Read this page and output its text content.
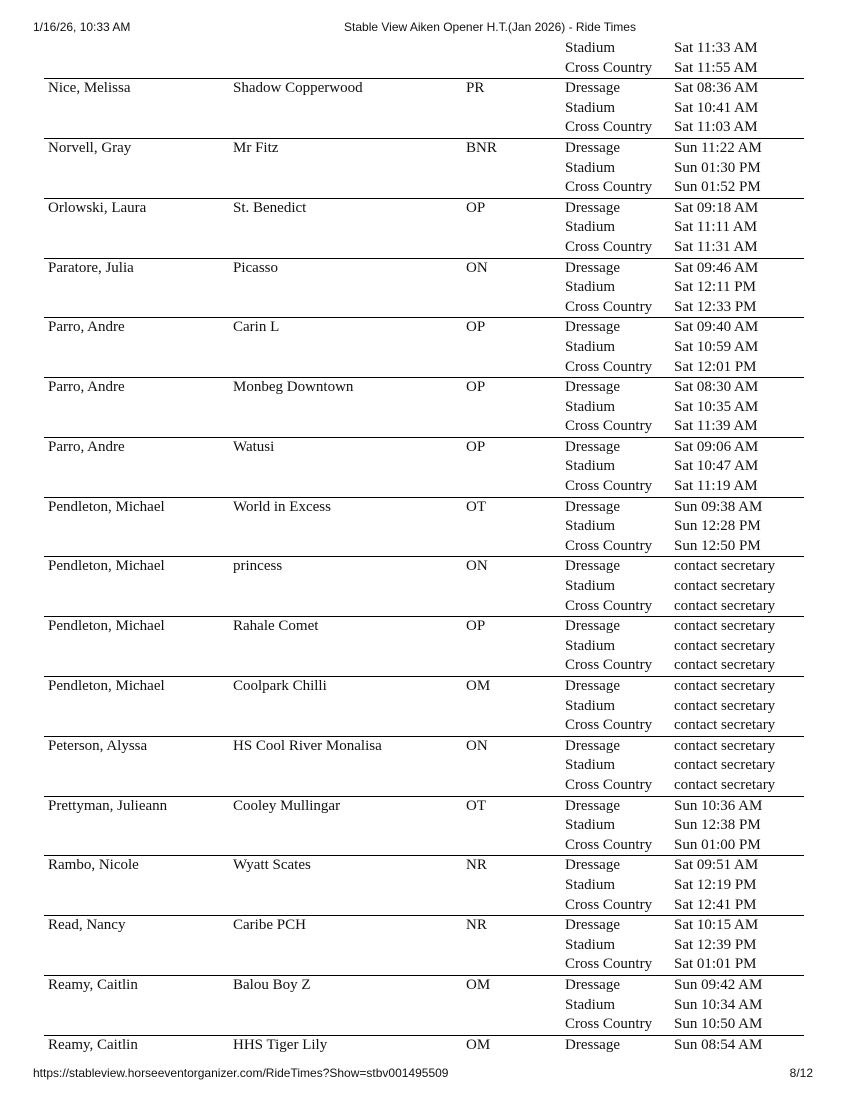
1/16/26, 10:33 AM	Stable View Aiken Opener H.T.(Jan 2026) - Ride Times
Stadium	Sat 11:33 AM
Cross Country	Sat 11:55 AM
Nice, Melissa	Shadow Copperwood	PR	Dressage	Sat 08:36 AM
Stadium	Sat 10:41 AM
Cross Country	Sat 11:03 AM
Norvell, Gray	Mr Fitz	BNR	Dressage	Sun 11:22 AM
Stadium	Sun 01:30 PM
Cross Country	Sun 01:52 PM
Orlowski, Laura	St. Benedict	OP	Dressage	Sat 09:18 AM
Stadium	Sat 11:11 AM
Cross Country	Sat 11:31 AM
Paratore, Julia	Picasso	ON	Dressage	Sat 09:46 AM
Stadium	Sat 12:11 PM
Cross Country	Sat 12:33 PM
Parro, Andre	Carin L	OP	Dressage	Sat 09:40 AM
Stadium	Sat 10:59 AM
Cross Country	Sat 12:01 PM
Parro, Andre	Monbeg Downtown	OP	Dressage	Sat 08:30 AM
Stadium	Sat 10:35 AM
Cross Country	Sat 11:39 AM
Parro, Andre	Watusi	OP	Dressage	Sat 09:06 AM
Stadium	Sat 10:47 AM
Cross Country	Sat 11:19 AM
Pendleton, Michael	World in Excess	OT	Dressage	Sun 09:38 AM
Stadium	Sun 12:28 PM
Cross Country	Sun 12:50 PM
Pendleton, Michael	princess	ON	Dressage	contact secretary
Stadium	contact secretary
Cross Country	contact secretary
Pendleton, Michael	Rahale Comet	OP	Dressage	contact secretary
Stadium	contact secretary
Cross Country	contact secretary
Pendleton, Michael	Coolpark Chilli	OM	Dressage	contact secretary
Stadium	contact secretary
Cross Country	contact secretary
Peterson, Alyssa	HS Cool River Monalisa	ON	Dressage	contact secretary
Stadium	contact secretary
Cross Country	contact secretary
Prettyman, Julieann	Cooley Mullingar	OT	Dressage	Sun 10:36 AM
Stadium	Sun 12:38 PM
Cross Country	Sun 01:00 PM
Rambo, Nicole	Wyatt Scates	NR	Dressage	Sat 09:51 AM
Stadium	Sat 12:19 PM
Cross Country	Sat 12:41 PM
Read, Nancy	Caribe PCH	NR	Dressage	Sat 10:15 AM
Stadium	Sat 12:39 PM
Cross Country	Sat 01:01 PM
Reamy, Caitlin	Balou Boy Z	OM	Dressage	Sun 09:42 AM
Stadium	Sun 10:34 AM
Cross Country	Sun 10:50 AM
Reamy, Caitlin	HHS Tiger Lily	OM	Dressage	Sun 08:54 AM
https://stableview.horseeventorganizer.com/RideTimes?Show=stbv001495509	8/12
